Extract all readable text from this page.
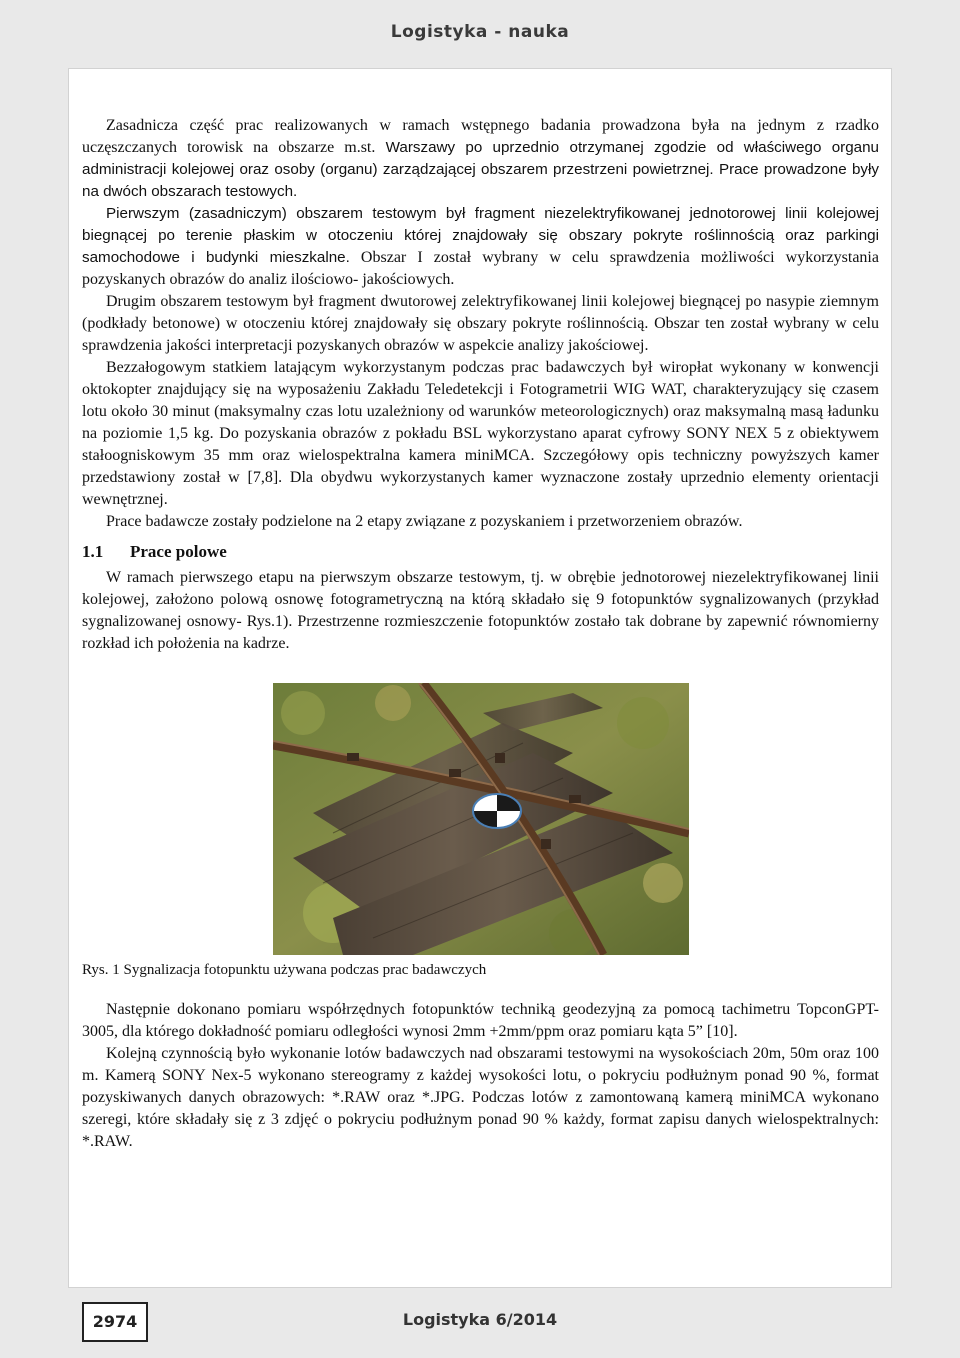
Logistyka - nauka

Zasadnicza część prac realizowanych w ramach wstępnego badania prowadzona była na jednym z rzadko uczęszczanych torowisk na obszarze m.st. Warszawy po uprzednio otrzymanej zgodzie od właściwego organu administracji kolejowej oraz osoby (organu) zarządzającej obszarem przestrzeni powietrznej. Prace prowadzone były na dwóch obszarach testowych.

Pierwszym (zasadniczym) obszarem testowym był fragment niezelektryfikowanej jednotorowej linii kolejowej biegnącej po terenie płaskim w otoczeniu której znajdowały się obszary pokryte roślinnością oraz parkingi samochodowe i budynki mieszkalne. Obszar I został wybrany w celu sprawdzenia możliwości wykorzystania pozyskanych obrazów do analiz ilościowo- jakościowych.

Drugim obszarem testowym był fragment dwutorowej zelektryfikowanej linii kolejowej biegnącej po nasypie ziemnym (podkłady betonowe) w otoczeniu której znajdowały się obszary pokryte roślinnością. Obszar ten został wybrany w celu sprawdzenia jakości interpretacji pozyskanych obrazów w aspekcie analizy jakościowej.

Bezzałogowym statkiem latającym wykorzystanym podczas prac badawczych był wiropłat wykonany w konwencji oktokopter znajdujący się na wyposażeniu Zakładu Teledetekcji i Fotogrametrii WIG WAT, charakteryzujący się czasem lotu około 30 minut (maksymalny czas lotu uzależniony od warunków meteorologicznych) oraz maksymalną masą ładunku na poziomie 1,5 kg. Do pozyskania obrazów z pokładu BSL wykorzystano aparat cyfrowy SONY NEX 5 z obiektywem stałoogniskowym 35 mm oraz wielospektralna kamera miniMCA. Szczegółowy opis techniczny powyższych kamer przedstawiony został w [7,8]. Dla obydwu wykorzystanych kamer wyznaczone zostały uprzednio elementy orientacji wewnętrznej.

Prace badawcze zostały podzielone na 2 etapy związane z pozyskaniem i przetworzeniem obrazów.

1.1 Prace polowe

W ramach pierwszego etapu na pierwszym obszarze testowym, tj. w obrębie jednotorowej niezelektryfikowanej linii kolejowej, założono polową osnowę fotogrametryczną na którą składało się 9 fotopunktów sygnalizowanych (przykład sygnalizowanej osnowy- Rys.1). Przestrzenne rozmieszczenie fotopunktów zostało tak dobrane by zapewnić równomierny rozkład ich położenia na kadrze.

Rys. 1 Sygnalizacja fotopunktu używana podczas prac badawczych

Następnie dokonano pomiaru współrzędnych fotopunktów techniką geodezyjną za pomocą tachimetru TopconGPT-3005, dla którego dokładność pomiaru odległości wynosi 2mm +2mm/ppm oraz pomiaru kąta 5” [10].

Kolejną czynnością było wykonanie lotów badawczych nad obszarami testowymi na wysokościach 20m, 50m oraz 100 m. Kamerą SONY Nex-5 wykonano stereogramy z każdej wysokości lotu, o pokryciu podłużnym ponad 90 %, format pozyskiwanych danych obrazowych: *.RAW oraz *.JPG. Podczas lotów z zamontowaną kamerą miniMCA wykonano szeregi, które składały się z 3 zdjęć o pokryciu podłużnym ponad 90 % każdy, format zapisu danych wielospektralnych: *.RAW.

2974	Logistyka 6/2014
